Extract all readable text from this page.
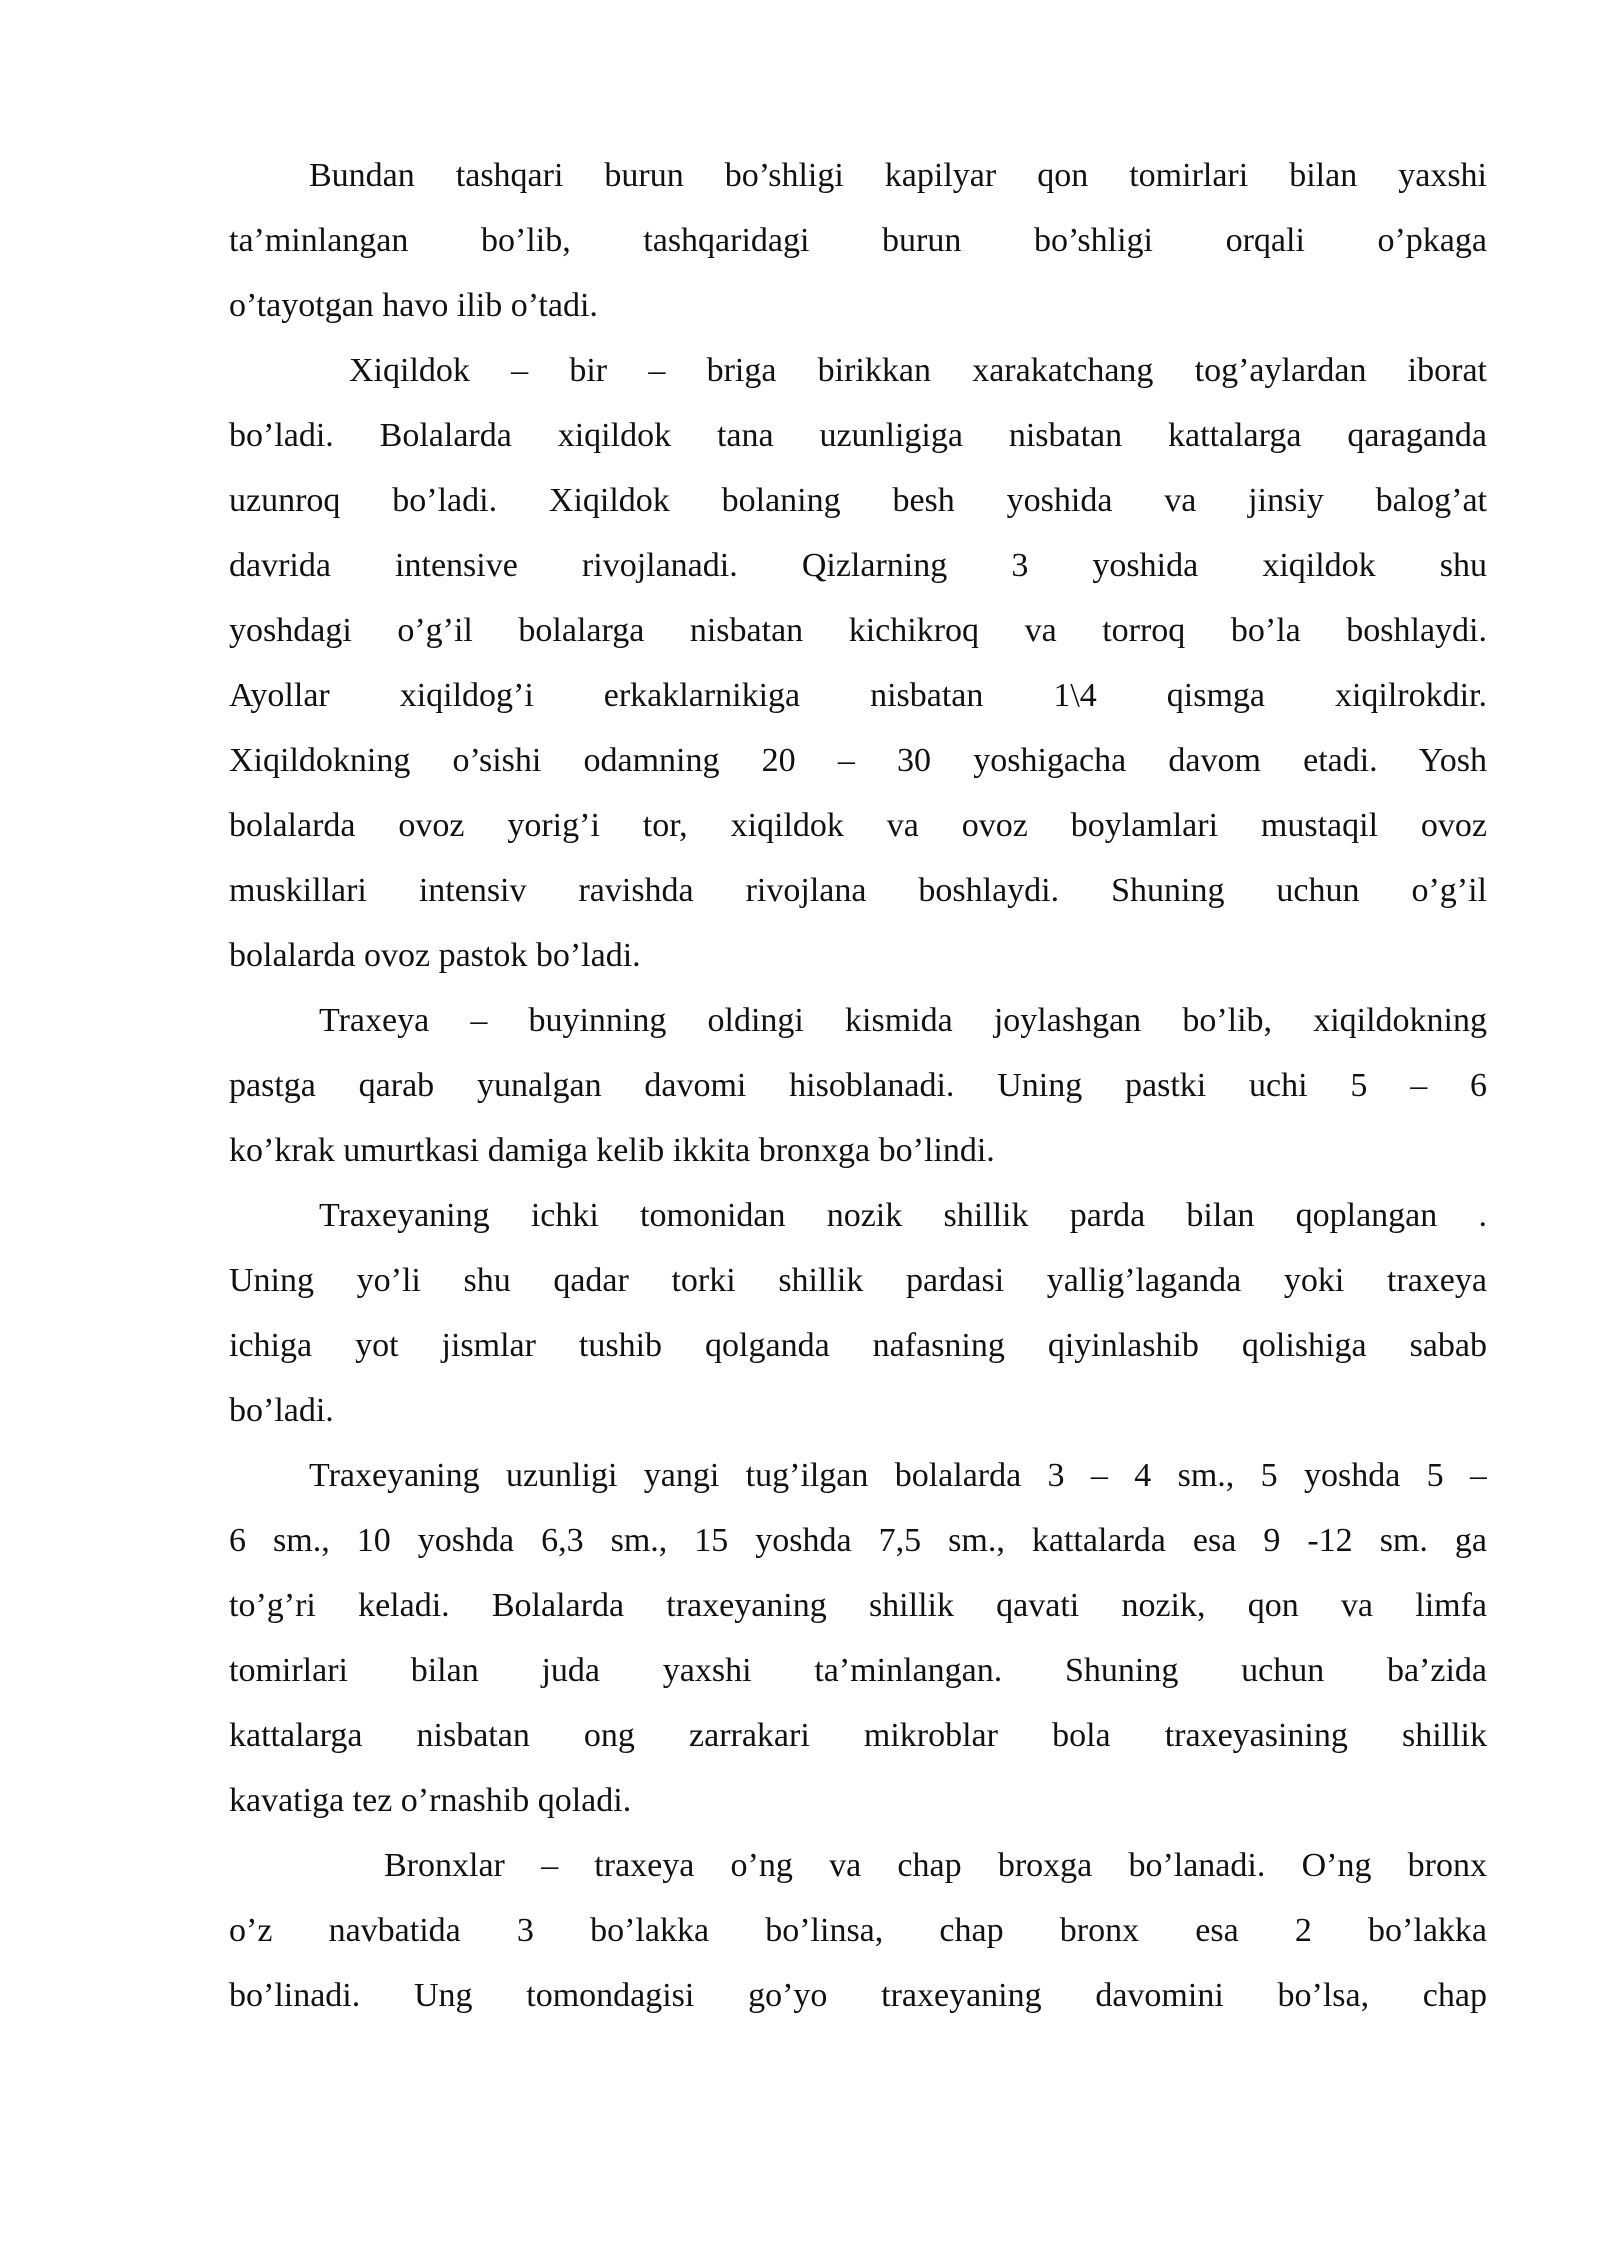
Bundan tashqari burun bo’shligi kapilyar qon tomirlari bilan yaxshi
ta’minlangan bo’lib, tashqaridagi burun bo’shligi orqali o’pkaga
o’tayotgan havo ilib o’tadi.
Xiqildok – bir – briga birikkan xarakatchang tog’aylardan iborat
bo’ladi. Bolalarda xiqildok tana uzunligiga nisbatan kattalarga qaraganda
uzunroq bo’ladi. Xiqildok bolaning besh yoshida va jinsiy balog’at
davrida intensive rivojlanadi. Qizlarning 3 yoshida xiqildok shu
yoshdagi o’g’il bolalarga nisbatan kichikroq va torroq bo’la boshlaydi.
Ayollar xiqildog’i erkaklarnikiga nisbatan 1\4 qismga xiqilrokdir.
Xiqildokning o’sishi odamning 20 – 30 yoshigacha davom etadi. Yosh
bolalarda ovoz yorig’i tor, xiqildok va ovoz boylamlari mustaqil ovoz
muskillari intensiv ravishda rivojlana boshlaydi. Shuning uchun o’g’il
bolalarda ovoz pastok bo’ladi.
Traxeya – buyinning oldingi kismida joylashgan bo’lib, xiqildokning
pastga qarab yunalgan davomi hisoblanadi. Uning pastki uchi 5 – 6
ko’krak umurtkasi damiga kelib ikkita bronxga bo’lindi.
Traxeyaning ichki tomonidan nozik shillik parda bilan qoplangan .
Uning yo’li shu qadar torki shillik pardasi yallig’laganda yoki traxeya
ichiga yot jismlar tushib qolganda nafasning qiyinlashib qolishiga sabab
bo’ladi.
Traxeyaning uzunligi yangi tug’ilgan bolalarda 3 – 4 sm., 5 yoshda 5 –
6 sm., 10 yoshda 6,3 sm., 15 yoshda 7,5 sm., kattalarda esa 9 -12 sm. ga
to’g’ri keladi. Bolalarda traxeyaning shillik qavati nozik, qon va limfa
tomirlari bilan juda yaxshi ta’minlangan. Shuning uchun ba’zida
kattalarga nisbatan ong zarrakari mikroblar bola traxeyasining shillik
kavatiga tez o’rnashib qoladi.
Bronxlar – traxeya o’ng va chap broxga bo’lanadi. O’ng bronx
o’z navbatida 3 bo’lakka bo’linsa, chap bronx esa 2 bo’lakka
bo’linadi. Ung tomondagisi go’yo traxeyaning davomini bo’lsa, chap
